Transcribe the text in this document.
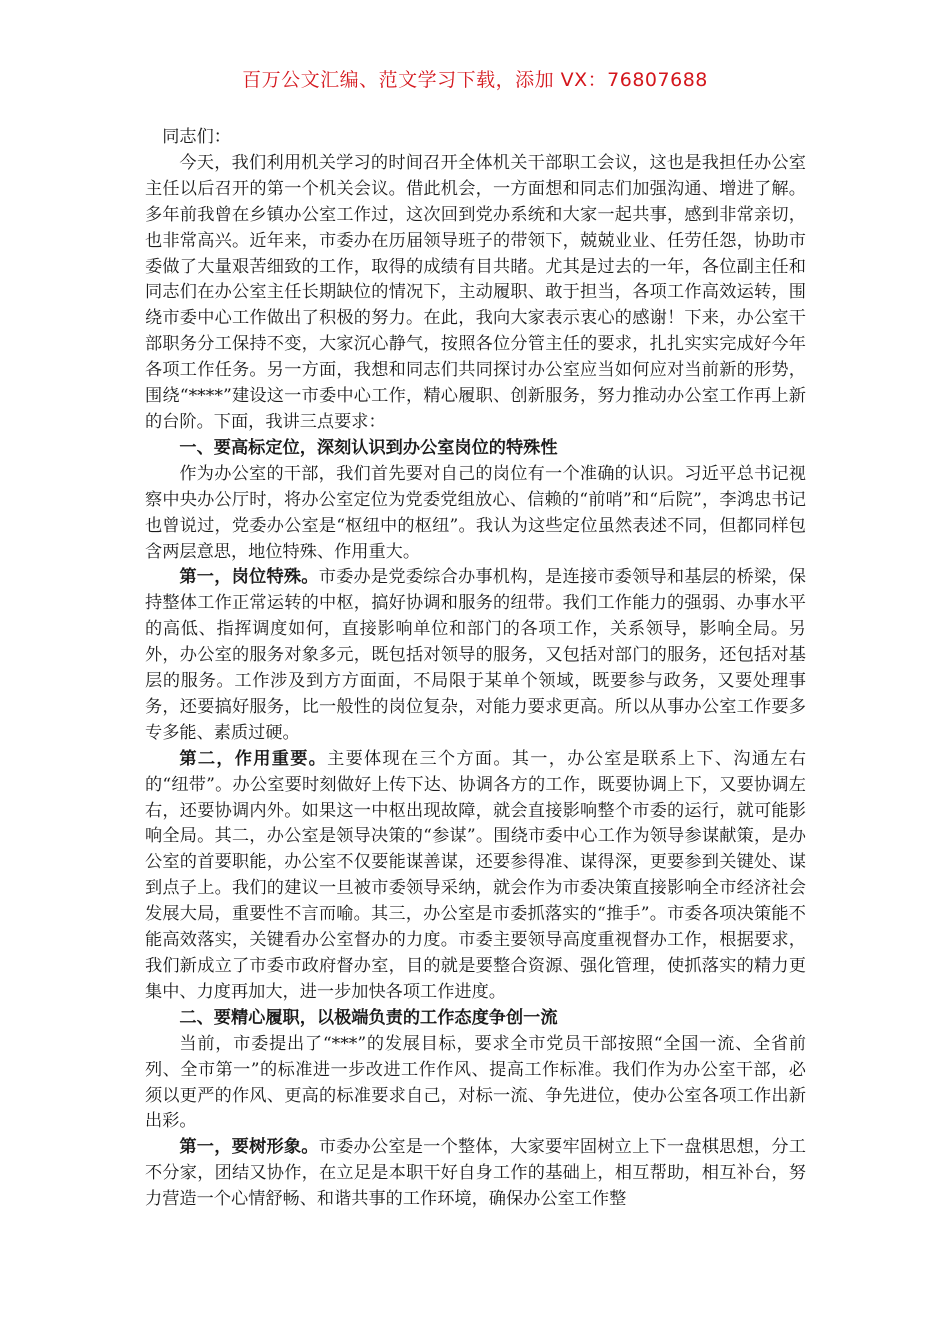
百万公文汇编、范文学习下载，添加 VX：76807688

同志们：

今天，我们利用机关学习的时间召开全体机关干部职工会议，这也是我担任办公室主任以后召开的第一个机关会议。借此机会，一方面想和同志们加强沟通、增进了解。多年前我曾在乡镇办公室工作过，这次回到党办系统和大家一起共事，感到非常亲切，也非常高兴。近年来，市委办在历届领导班子的带领下，兢兢业业、任劳任怨，协助市委做了大量艰苦细致的工作，取得的成绩有目共睹。尤其是过去的一年，各位副主任和同志们在办公室主任长期缺位的情况下，主动履职、敢于担当，各项工作高效运转，围绕市委中心工作做出了积极的努力。在此，我向大家表示衷心的感谢！下来，办公室干部职务分工保持不变，大家沉心静气，按照各位分管主任的要求，扎扎实实完成好今年各项工作任务。另一方面，我想和同志们共同探讨办公室应当如何应对当前新的形势，围绕“****”建设这一市委中心工作，精心履职、创新服务，努力推动办公室工作再上新的台阶。下面，我讲三点要求：

一、要高标定位，深刻认识到办公室岗位的特殊性

作为办公室的干部，我们首先要对自己的岗位有一个准确的认识。习近平总书记视察中央办公厅时，将办公室定位为党委党组放心、信赖的“前哨”和“后院”，李鸿忠书记也曾说过，党委办公室是“枢纽中的枢纽”。我认为这些定位虽然表述不同，但都同样包含两层意思，地位特殊、作用重大。

第一，岗位特殊。市委办是党委综合办事机构，是连接市委领导和基层的桥梁，保持整体工作正常运转的中枢，搞好协调和服务的纽带。我们工作能力的强弱、办事水平的高低、指挥调度如何，直接影响单位和部门的各项工作，关系领导，影响全局。另外，办公室的服务对象多元，既包括对领导的服务，又包括对部门的服务，还包括对基层的服务。工作涉及到方方面面，不局限于某单个领域，既要参与政务，又要处理事务，还要搞好服务，比一般性的岗位复杂，对能力要求更高。所以从事办公室工作要多专多能、素质过硬。

第二，作用重要。主要体现在三个方面。其一，办公室是联系上下、沟通左右的“纽带”。办公室要时刻做好上传下达、协调各方的工作，既要协调上下，又要协调左右，还要协调内外。如果这一中枢出现故障，就会直接影响整个市委的运行，就可能影响全局。其二，办公室是领导决策的“参谋”。围绕市委中心工作为领导参谋献策，是办公室的首要职能，办公室不仅要能谋善谋，还要参得准、谋得深，更要参到关键处、谋到点子上。我们的建议一旦被市委领导采纳，就会作为市委决策直接影响全市经济社会发展大局，重要性不言而喻。其三，办公室是市委抓落实的“推手”。市委各项决策能不能高效落实，关键看办公室督办的力度。市委主要领导高度重视督办工作，根据要求，我们新成立了市委市政府督办室，目的就是要整合资源、强化管理，使抓落实的精力更集中、力度再加大，进一步加快各项工作进度。

二、要精心履职，以极端负责的工作态度争创一流

当前，市委提出了“***”的发展目标，要求全市党员干部按照“全国一流、全省前列、全市第一”的标准进一步改进工作作风、提高工作标准。我们作为办公室干部，必须以更严的作风、更高的标准要求自己，对标一流、争先进位，使办公室各项工作出新出彩。

第一，要树形象。市委办公室是一个整体，大家要牢固树立上下一盘棋思想，分工不分家，团结又协作，在立足是本职干好自身工作的基础上，相互帮助，相互补台，努力营造一个心情舒畅、和谐共事的工作环境，确保办公室工作整
